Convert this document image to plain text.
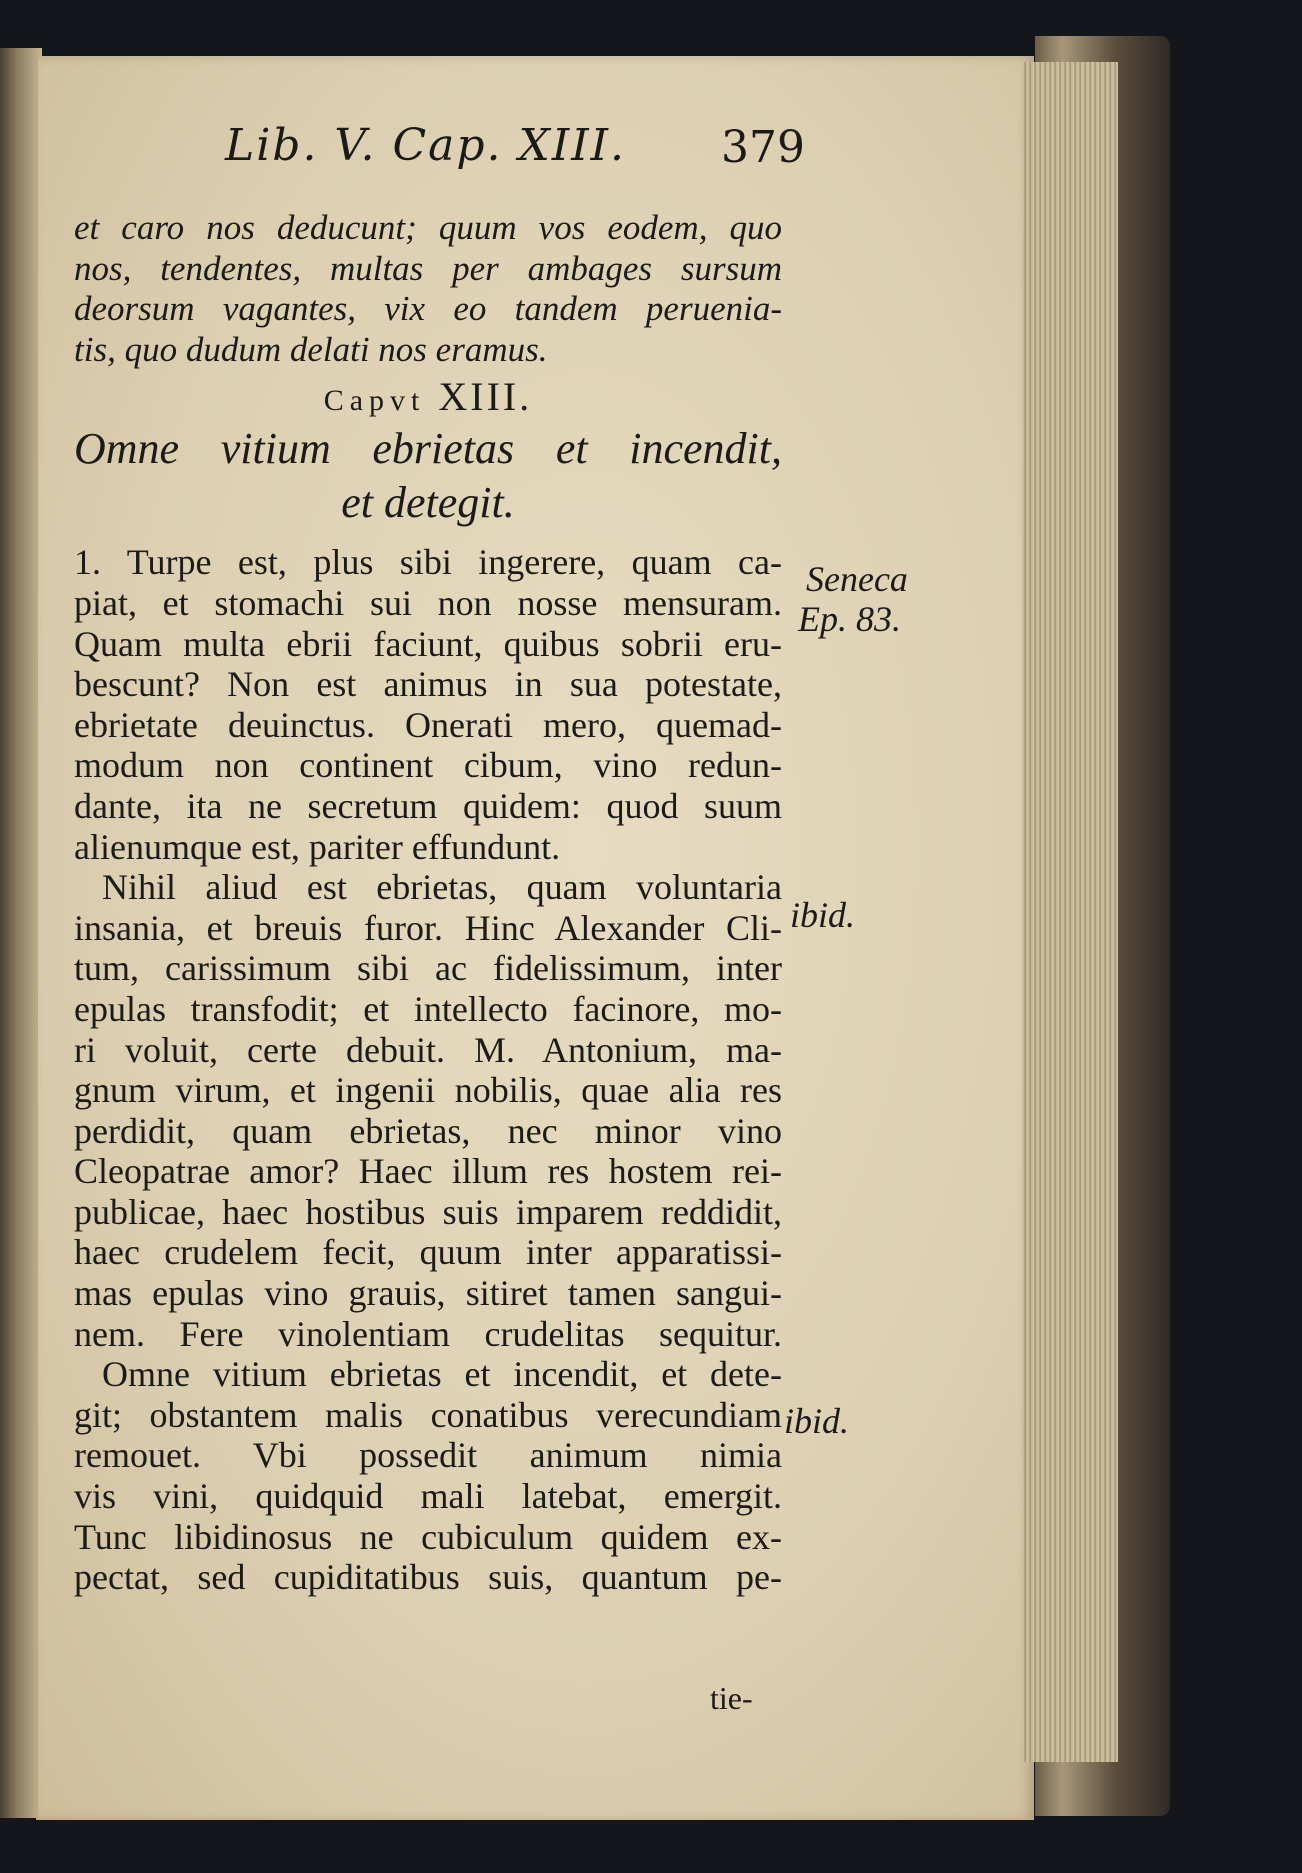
Lib. V. Cap. XIII. 379
et caro nos deducunt; quum vos eodem, quo
nos, tendentes, multas per ambages sursum
deorsum vagantes, vix eo tandem peruenia-
tis, quo dudum delati nos eramus.
Capvt XIII.
Omne vitium ebrietas et incendit,
et detegit.
1. Turpe est, plus sibi ingerere, quam ca-
piat, et stomachi sui non nosse mensuram.
Quam multa ebrii faciunt, quibus sobrii eru-
bescunt? Non est animus in sua potestate,
ebrietate deuinctus. Onerati mero, quemad-
modum non continent cibum, vino redun-
dante, ita ne secretum quidem: quod suum
alienumque est, pariter effundunt.
Nihil aliud est ebrietas, quam voluntaria
insania, et breuis furor. Hinc Alexander Cli-
tum, carissimum sibi ac fidelissimum, inter
epulas transfodit; et intellecto facinore, mo-
ri voluit, certe debuit. M. Antonium, ma-
gnum virum, et ingenii nobilis, quae alia res
perdidit, quam ebrietas, nec minor vino
Cleopatrae amor? Haec illum res hostem rei-
publicae, haec hostibus suis imparem reddidit,
haec crudelem fecit, quum inter apparatissi-
mas epulas vino grauis, sitiret tamen sangui-
nem. Fere vinolentiam crudelitas sequitur.
Omne vitium ebrietas et incendit, et dete-
git; obstantem malis conatibus verecundiam
remouet. Vbi possedit animum nimia
vis vini, quidquid mali latebat, emergit.
Tunc libidinosus ne cubiculum quidem ex-
pectat, sed cupiditatibus suis, quantum pe-
Seneca
Ep. 83.
ibid.
ibid.
tie-
